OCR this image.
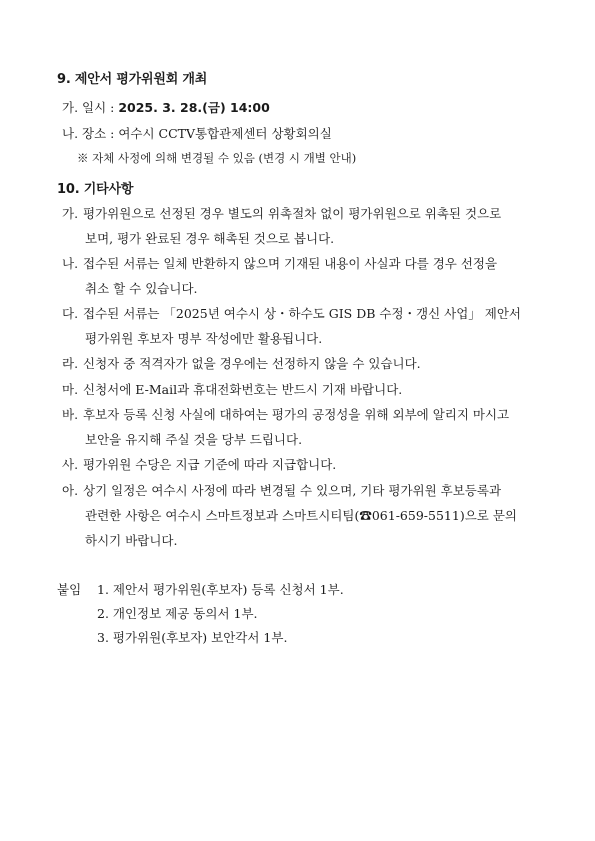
9. 제안서 평가위원회 개최
가. 일시 : 2025. 3. 28.(금) 14:00
나. 장소 : 여수시 CCTV통합관제센터 상황회의실
※ 자체 사정에 의해 변경될 수 있음 (변경 시 개별 안내)
10. 기타사항
가. 평가위원으로 선정된 경우 별도의 위촉절차 없이 평가위원으로 위촉된 것으로
보며, 평가 완료된 경우 해촉된 것으로 봅니다.
나. 접수된 서류는 일체 반환하지 않으며 기재된 내용이 사실과 다를 경우 선정을
취소 할 수 있습니다.
다. 접수된 서류는 「2025년 여수시 상・하수도 GIS DB 수정・갱신 사업」 제안서
평가위원 후보자 명부 작성에만 활용됩니다.
라. 신청자 중 적격자가 없을 경우에는 선정하지 않을 수 있습니다.
마. 신청서에 E-Mail과 휴대전화번호는 반드시 기재 바랍니다.
바. 후보자 등록 신청 사실에 대하여는 평가의 공정성을 위해 외부에 알리지 마시고
보안을 유지해 주실 것을 당부 드립니다.
사. 평가위원 수당은 지급 기준에 따라 지급합니다.
아. 상기 일정은 여수시 사정에 따라 변경될 수 있으며, 기타 평가위원 후보등록과
관련한 사항은 여수시 스마트정보과 스마트시티팀(☎061-659-5511)으로 문의
하시기 바랍니다.
붙임 1. 제안서 평가위원(후보자) 등록 신청서 1부.
2. 개인정보 제공 동의서 1부.
3. 평가위원(후보자) 보안각서 1부.
